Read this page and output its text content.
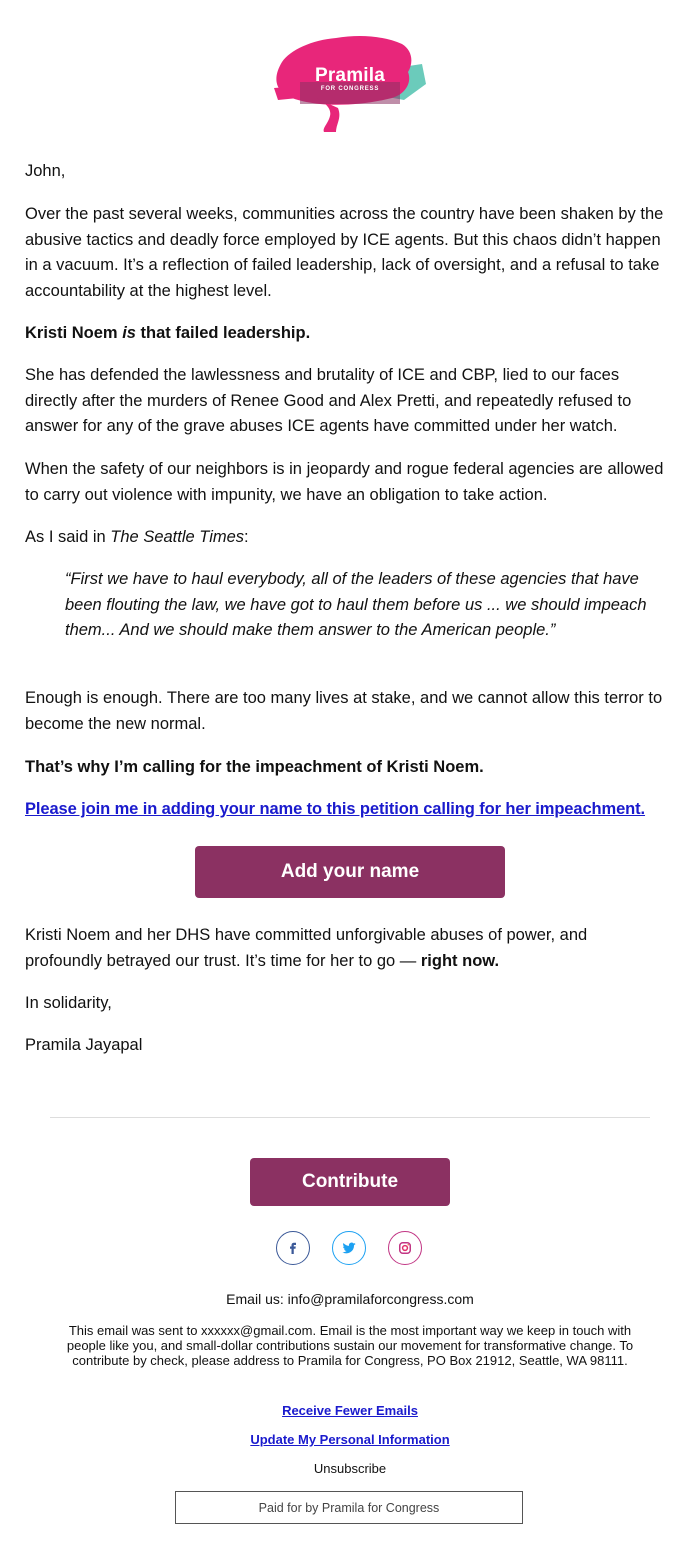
Pramila
FOR CONGRESS

John,

Over the past several weeks, communities across the country have been shaken by the abusive tactics and deadly force employed by ICE agents. But this chaos didn’t happen in a vacuum. It’s a reflection of failed leadership, lack of oversight, and a refusal to take accountability at the highest level.

Kristi Noem is that failed leadership.

She has defended the lawlessness and brutality of ICE and CBP, lied to our faces directly after the murders of Renee Good and Alex Pretti, and repeatedly refused to answer for any of the grave abuses ICE agents have committed under her watch.

When the safety of our neighbors is in jeopardy and rogue federal agencies are allowed to carry out violence with impunity, we have an obligation to take action.

As I said in The Seattle Times:

“First we have to haul everybody, all of the leaders of these agencies that have been flouting the law, we have got to haul them before us ... we should impeach them... And we should make them answer to the American people.”

Enough is enough. There are too many lives at stake, and we cannot allow this terror to become the new normal.

That’s why I’m calling for the impeachment of Kristi Noem.

Please join me in adding your name to this petition calling for her impeachment.

Add your name

Kristi Noem and her DHS have committed unforgivable abuses of power, and profoundly betrayed our trust. It’s time for her to go — right now.

In solidarity,

Pramila Jayapal

Contribute
Email us: info@pramilaforcongress.com
This email was sent to xxxxxx@gmail.com. Email is the most important way we keep in touch with people like you, and small-dollar contributions sustain our movement for transformative change. To contribute by check, please address to Pramila for Congress, PO Box 21912, Seattle, WA 98111.
Receive Fewer Emails
Update My Personal Information
Unsubscribe
Paid for by Pramila for Congress
